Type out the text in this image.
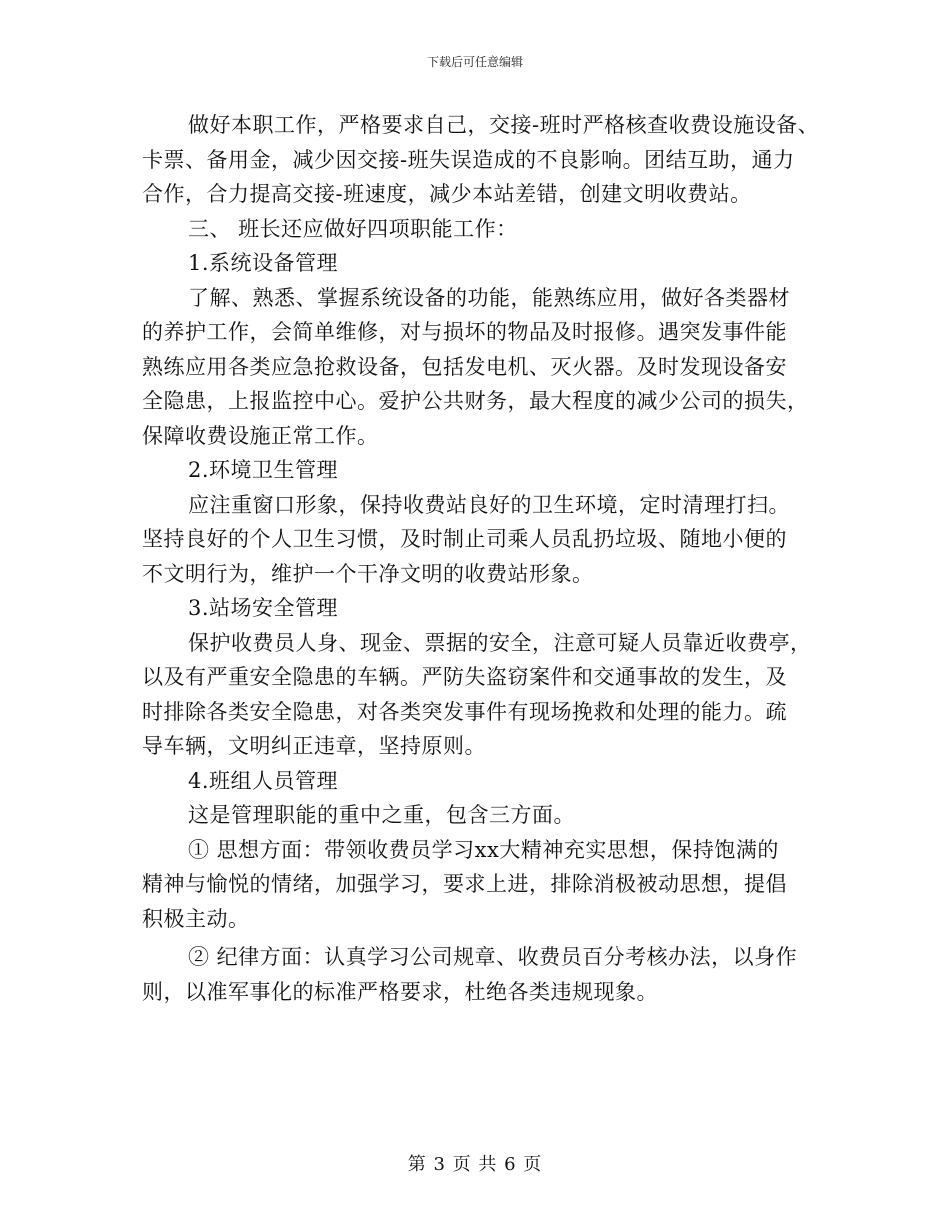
下载后可任意编辑
做好本职工作，严格要求自己，交接-班时严格核查收费设施设备、
卡票、备用金，减少因交接-班失误造成的不良影响。团结互助，通力
合作，合力提高交接-班速度，减少本站差错，创建文明收费站。
三、 班长还应做好四项职能工作：
1.系统设备管理
了解、熟悉、掌握系统设备的功能，能熟练应用，做好各类器材
的养护工作，会简单维修，对与损坏的物品及时报修。遇突发事件能
熟练应用各类应急抢救设备，包括发电机、灭火器。及时发现设备安
全隐患，上报监控中心。爱护公共财务，最大程度的减少公司的损失，
保障收费设施正常工作。
2.环境卫生管理
应注重窗口形象，保持收费站良好的卫生环境，定时清理打扫。
坚持良好的个人卫生习惯，及时制止司乘人员乱扔垃圾、随地小便的
不文明行为，维护一个干净文明的收费站形象。
3.站场安全管理
保护收费员人身、现金、票据的安全，注意可疑人员靠近收费亭，
以及有严重安全隐患的车辆。严防失盗窃案件和交通事故的发生，及
时排除各类安全隐患，对各类突发事件有现场挽救和处理的能力。疏
导车辆，文明纠正违章，坚持原则。
4.班组人员管理
这是管理职能的重中之重，包含三方面。
① 思想方面：带领收费员学习xx大精神充实思想，保持饱满的
精神与愉悦的情绪，加强学习，要求上进，排除消极被动思想，提倡
积极主动。
② 纪律方面：认真学习公司规章、收费员百分考核办法，以身作
则，以准军事化的标准严格要求，杜绝各类违规现象。
第 3 页 共 6 页
